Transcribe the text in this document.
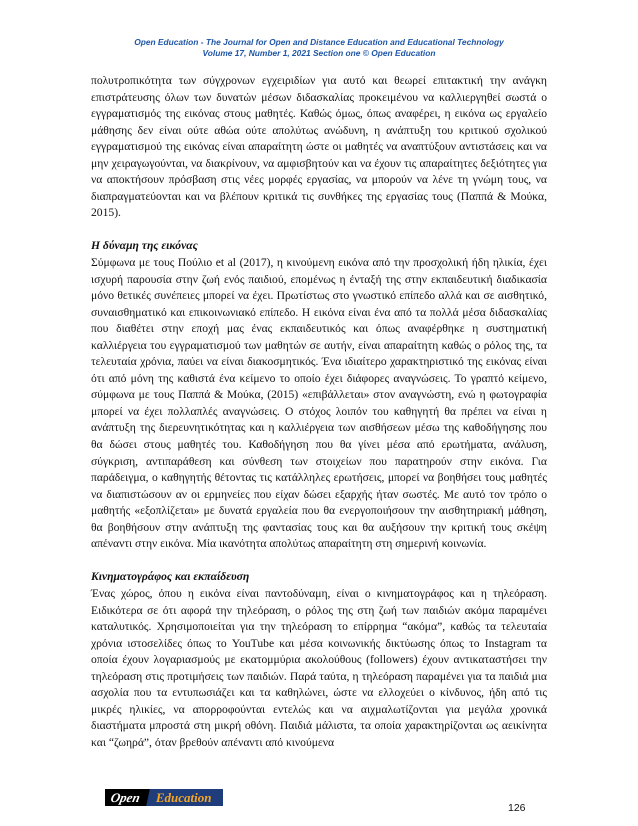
Open Education - The Journal for Open and Distance Education and Educational Technology
Volume 17, Number 1, 2021 Section one © Open Education

πολυτροπικότητα των σύγχρονων εγχειριδίων για αυτό και θεωρεί επιτακτική την ανάγκη επιστράτευσης όλων των δυνατών μέσων διδασκαλίας προκειμένου να καλλιεργηθεί σωστά ο εγγραματισμός της εικόνας στους μαθητές. Καθώς όμως, όπως αναφέρει, η εικόνα ως εργαλείο μάθησης δεν είναι ούτε αθώα ούτε απολύτως ανώδυνη, η ανάπτυξη του κριτικού σχολικού εγγραματισμού της εικόνας είναι απαραίτητη ώστε οι μαθητές να αναπτύξουν αντιστάσεις και να μην χειραγωγούνται, να διακρίνουν, να αμφισβητούν και να έχουν τις απαραίτητες δεξιότητες για να αποκτήσουν πρόσβαση στις νέες μορφές εργασίας, να μπορούν να λένε τη γνώμη τους, να διαπραγματεύονται και να βλέπουν κριτικά τις συνθήκες της εργασίας τους (Παππά & Μούκα, 2015).

Η δύναμη της εικόνας

Σύμφωνα με τους Πούλιο et al (2017), η κινούμενη εικόνα από την προσχολική ήδη ηλικία, έχει ισχυρή παρουσία στην ζωή ενός παιδιού, επομένως η ένταξή της στην εκπαιδευτική διαδικασία μόνο θετικές συνέπειες μπορεί να έχει. Πρωτίστως στο γνωστικό επίπεδο αλλά και σε αισθητικό, συναισθηματικό και επικοινωνιακό επίπεδο. Η εικόνα είναι ένα από τα πολλά μέσα διδασκαλίας που διαθέτει στην εποχή μας ένας εκπαιδευτικός και όπως αναφέρθηκε η συστηματική καλλιέργεια του εγγραματισμού των μαθητών σε αυτήν, είναι απαραίτητη καθώς ο ρόλος της, τα τελευταία χρόνια, παύει να είναι διακοσμητικός. Ένα ιδιαίτερο χαρακτηριστικό της εικόνας είναι ότι από μόνη της καθιστά ένα κείμενο το οποίο έχει διάφορες αναγνώσεις. Το γραπτό κείμενο, σύμφωνα με τους Παππά & Μούκα, (2015) «επιβάλλεται» στον αναγνώστη, ενώ η φωτογραφία μπορεί να έχει πολλαπλές αναγνώσεις. Ο στόχος λοιπόν του καθηγητή θα πρέπει να είναι η ανάπτυξη της διερευνητικότητας και η καλλιέργεια των αισθήσεων μέσω της καθοδήγησης που θα δώσει στους μαθητές του. Καθοδήγηση που θα γίνει μέσα από ερωτήματα, ανάλυση, σύγκριση, αντιπαράθεση και σύνθεση των στοιχείων που παρατηρούν στην εικόνα. Για παράδειγμα, ο καθηγητής θέτοντας τις κατάλληλες ερωτήσεις, μπορεί να βοηθήσει τους μαθητές να διαπιστώσουν αν οι ερμηνείες που είχαν δώσει εξαρχής ήταν σωστές. Με αυτό τον τρόπο ο μαθητής «εξοπλίζεται» με δυνατά εργαλεία που θα ενεργοποιήσουν την αισθητηριακή μάθηση, θα βοηθήσουν στην ανάπτυξη της φαντασίας τους και θα αυξήσουν την κριτική τους σκέψη απέναντι στην εικόνα. Μία ικανότητα απολύτως απαραίτητη στη σημερινή κοινωνία.

Κινηματογράφος και εκπαίδευση

Ένας χώρος, όπου η εικόνα είναι παντοδύναμη, είναι ο κινηματογράφος και η τηλεόραση. Ειδικότερα σε ότι αφορά την τηλεόραση, ο ρόλος της στη ζωή των παιδιών ακόμα παραμένει καταλυτικός. Χρησιμοποιείται για την τηλεόραση το επίρρημα “ακόμα”, καθώς τα τελευταία χρόνια ιστοσελίδες όπως το YouTube και μέσα κοινωνικής δικτύωσης όπως το Instagram τα οποία έχουν λογαριασμούς με εκατομμύρια ακολούθους (followers) έχουν αντικαταστήσει την τηλεόραση στις προτιμήσεις των παιδιών. Παρά ταύτα, η τηλεόραση παραμένει για τα παιδιά μια ασχολία που τα εντυπωσιάζει και τα καθηλώνει, ώστε να ελλοχεύει ο κίνδυνος, ήδη από τις μικρές ηλικίες, να απορροφούνται εντελώς και να αιχμαλωτίζονται για μεγάλα χρονικά διαστήματα μπροστά στη μικρή οθόνη. Παιδιά μάλιστα, τα οποία χαρακτηρίζονται ως αεικίνητα και “ζωηρά”, όταν βρεθούν απέναντι από κινούμενα

Open	Education
126
